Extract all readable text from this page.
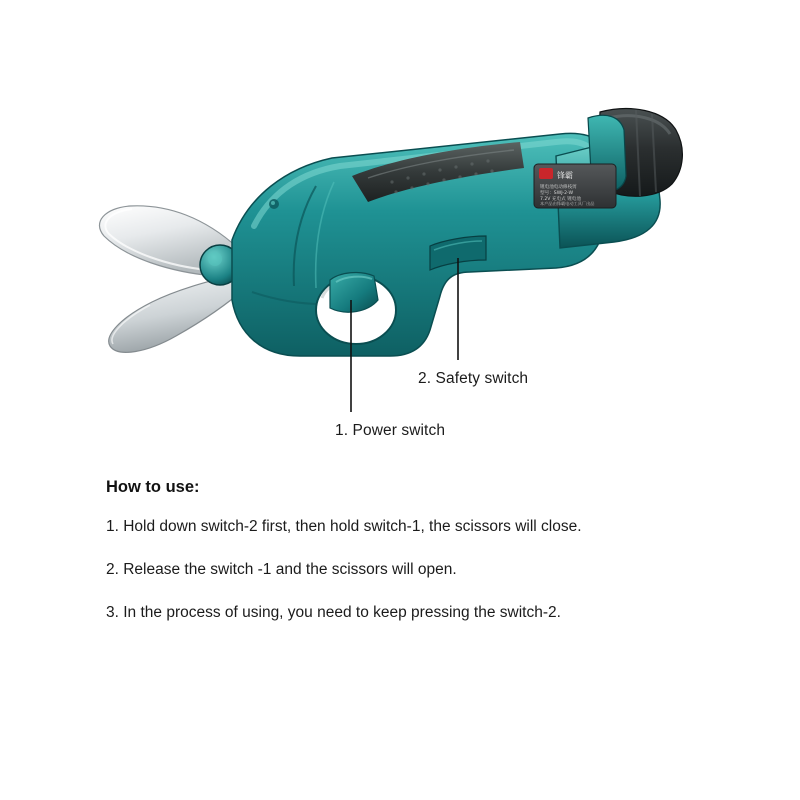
锋霸
锂电池电动修枝剪
型号：SWJ-2-W
7.2V 充电式 锂电池
本产品由锋霸电动工具厂出品
2. Safety switch
1. Power switch

How to use:

1. Hold down switch-2 first, then hold switch-1, the scissors will close.

2. Release the switch -1 and the scissors will open.

3. In the process of using, you need to keep pressing the switch-2.
